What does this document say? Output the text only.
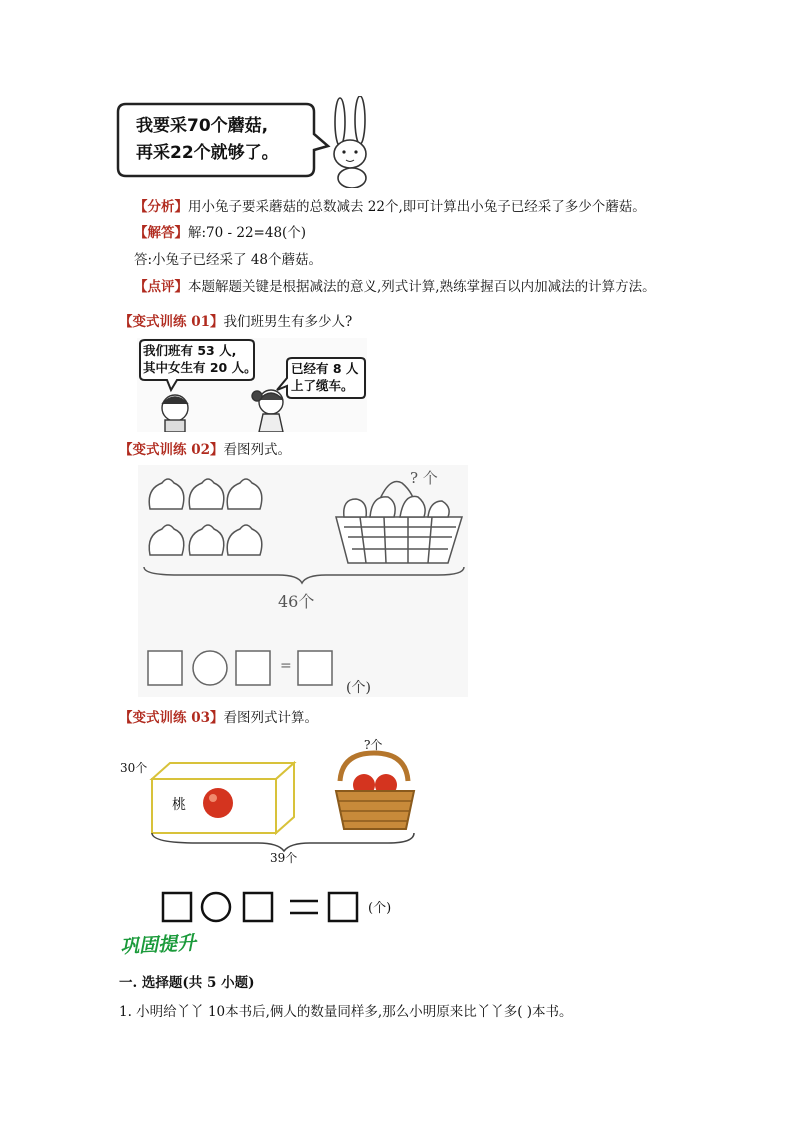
我要采70个蘑菇,
再采22个就够了。
【分析】用小兔子要采蘑菇的总数减去 22个,即可计算出小兔子已经采了多少个蘑菇。
【解答】解:70 - 22=48(个)
答:小兔子已经采了 48个蘑菇。
【点评】本题解题关键是根据减法的意义,列式计算,熟练掌握百以内加减法的计算方法。
【变式训练 01】我们班男生有多少人?
我们班有 53 人,
其中女生有 20 人。	已经有 8 人
上了缆车。
【变式训练 02】看图列式。
? 个
46个
=
(个)
【变式训练 03】看图列式计算。
30个
桃
?个
39个
(个)
巩固提升
一. 选择题(共 5 小题)
1. 小明给丫丫 10本书后,俩人的数量同样多,那么小明原来比丫丫多( )本书。
